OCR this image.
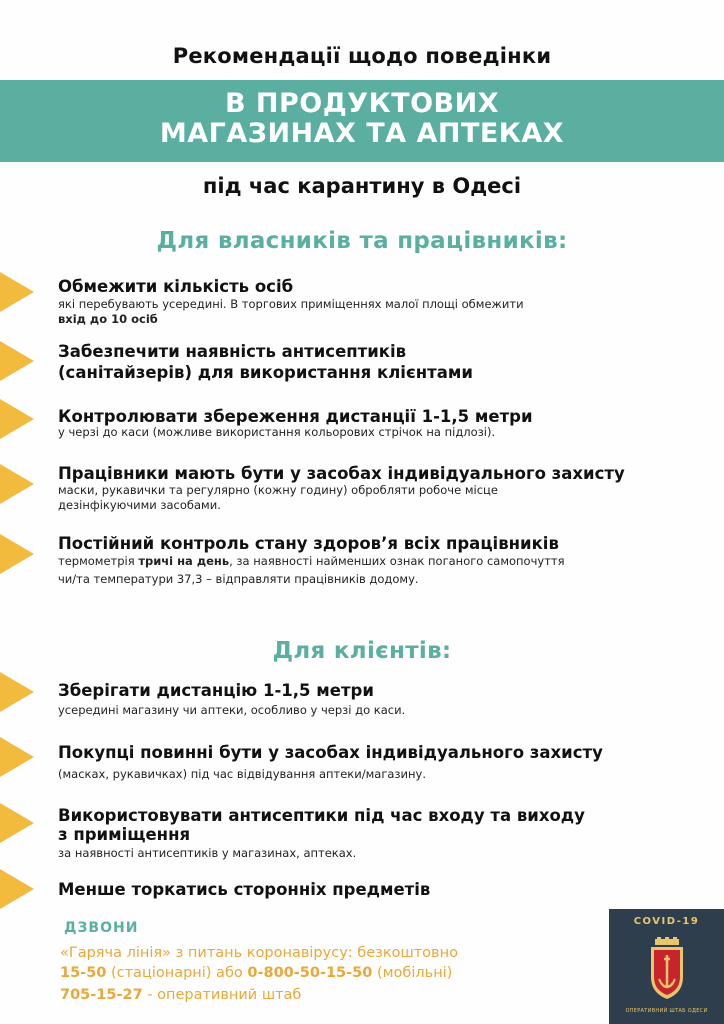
Рекомендації щодо поведінки
В ПРОДУКТОВИХ
МАГАЗИНАХ ТА АПТЕКАХ
під час карантину в Одесі
Для власників та працівників:
Обмежити кількість осіб
які перебувають усередині. В торгових приміщеннях малої площі обмежити
вхід до 10 осіб
Забезпечити наявність антисептиків
(санітайзерів) для використання клієнтами
Контролювати збереження дистанції 1-1,5 метри
у черзі до каси (можливе використання кольорових стрічок на підлозі).
Працівники мають бути у засобах індивідуального захисту
маски, рукавички та регулярно (кожну годину) обробляти робоче місце
дезінфікуючими засобами.
Постійний контроль стану здоров’я всіх працівників
термометрія тричі на день, за наявності найменших ознак поганого самопочуття
чи/та температури 37,3 – відправляти працівників додому.
Для клієнтів:
Зберігати дистанцію 1-1,5 метри
усередині магазину чи аптеки, особливо у черзі до каси.
Покупці повинні бути у засобах індивідуального захисту
(масках, рукавичках) під час відвідування аптеки/магазину.
Використовувати антисептики під час входу та виходу
з приміщення
за наявності антисептиків у магазинах, аптеках.
Менше торкатись сторонніх предметів
ДЗВОНИ
«Гаряча лінія» з питань коронавірусу: безкоштовно
15-50 (стаціонарні) або 0-800-50-15-50 (мобільні)
705-15-27 - оперативний штаб
COVID-19
ОПЕРАТИВНИЙ ШТАБ ОДЕСИ
